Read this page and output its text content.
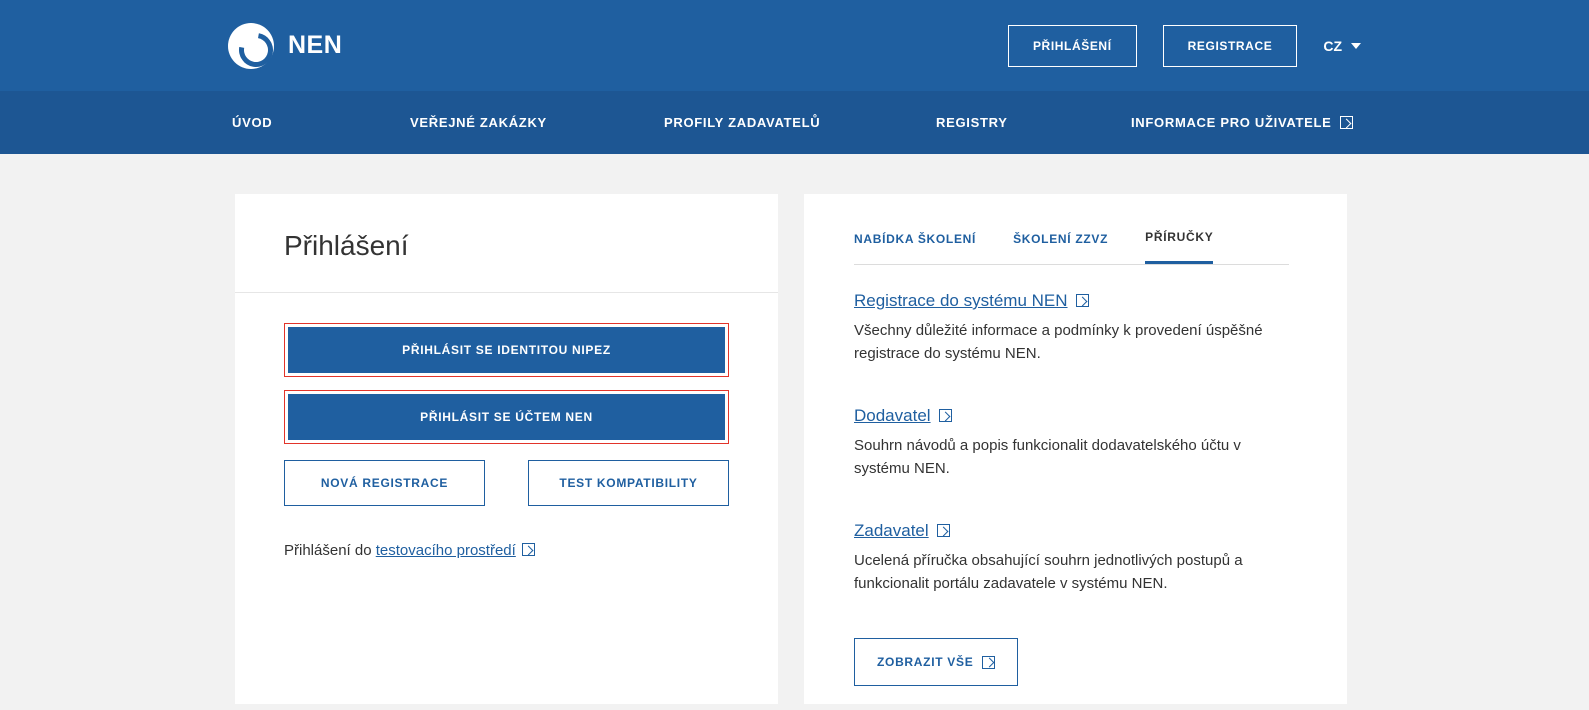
NEN	PŘIHLÁŠENÍ	REGISTRACE	CZ
ÚVOD	VEŘEJNÉ ZAKÁZKY	PROFILY ZADAVATELŮ	REGISTRY	INFORMACE PRO UŽIVATELE
Přihlášení
PŘIHLÁSIT SE IDENTITOU NIPEZ
PŘIHLÁSIT SE ÚČTEM NEN
NOVÁ REGISTRACE	TEST KOMPATIBILITY
Přihlášení do testovacího prostředí
NABÍDKA ŠKOLENÍ	ŠKOLENÍ ZZVZ	PŘÍRUČKY
Registrace do systému NEN

Všechny důležité informace a podmínky k provedení úspěšné registrace do systému NEN.

Dodavatel

Souhrn návodů a popis funkcionalit dodavatelského účtu v systému NEN.

Zadavatel

Ucelená příručka obsahující souhrn jednotlivých postupů a funkcionalit portálu zadavatele v systému NEN.

ZOBRAZIT VŠE
